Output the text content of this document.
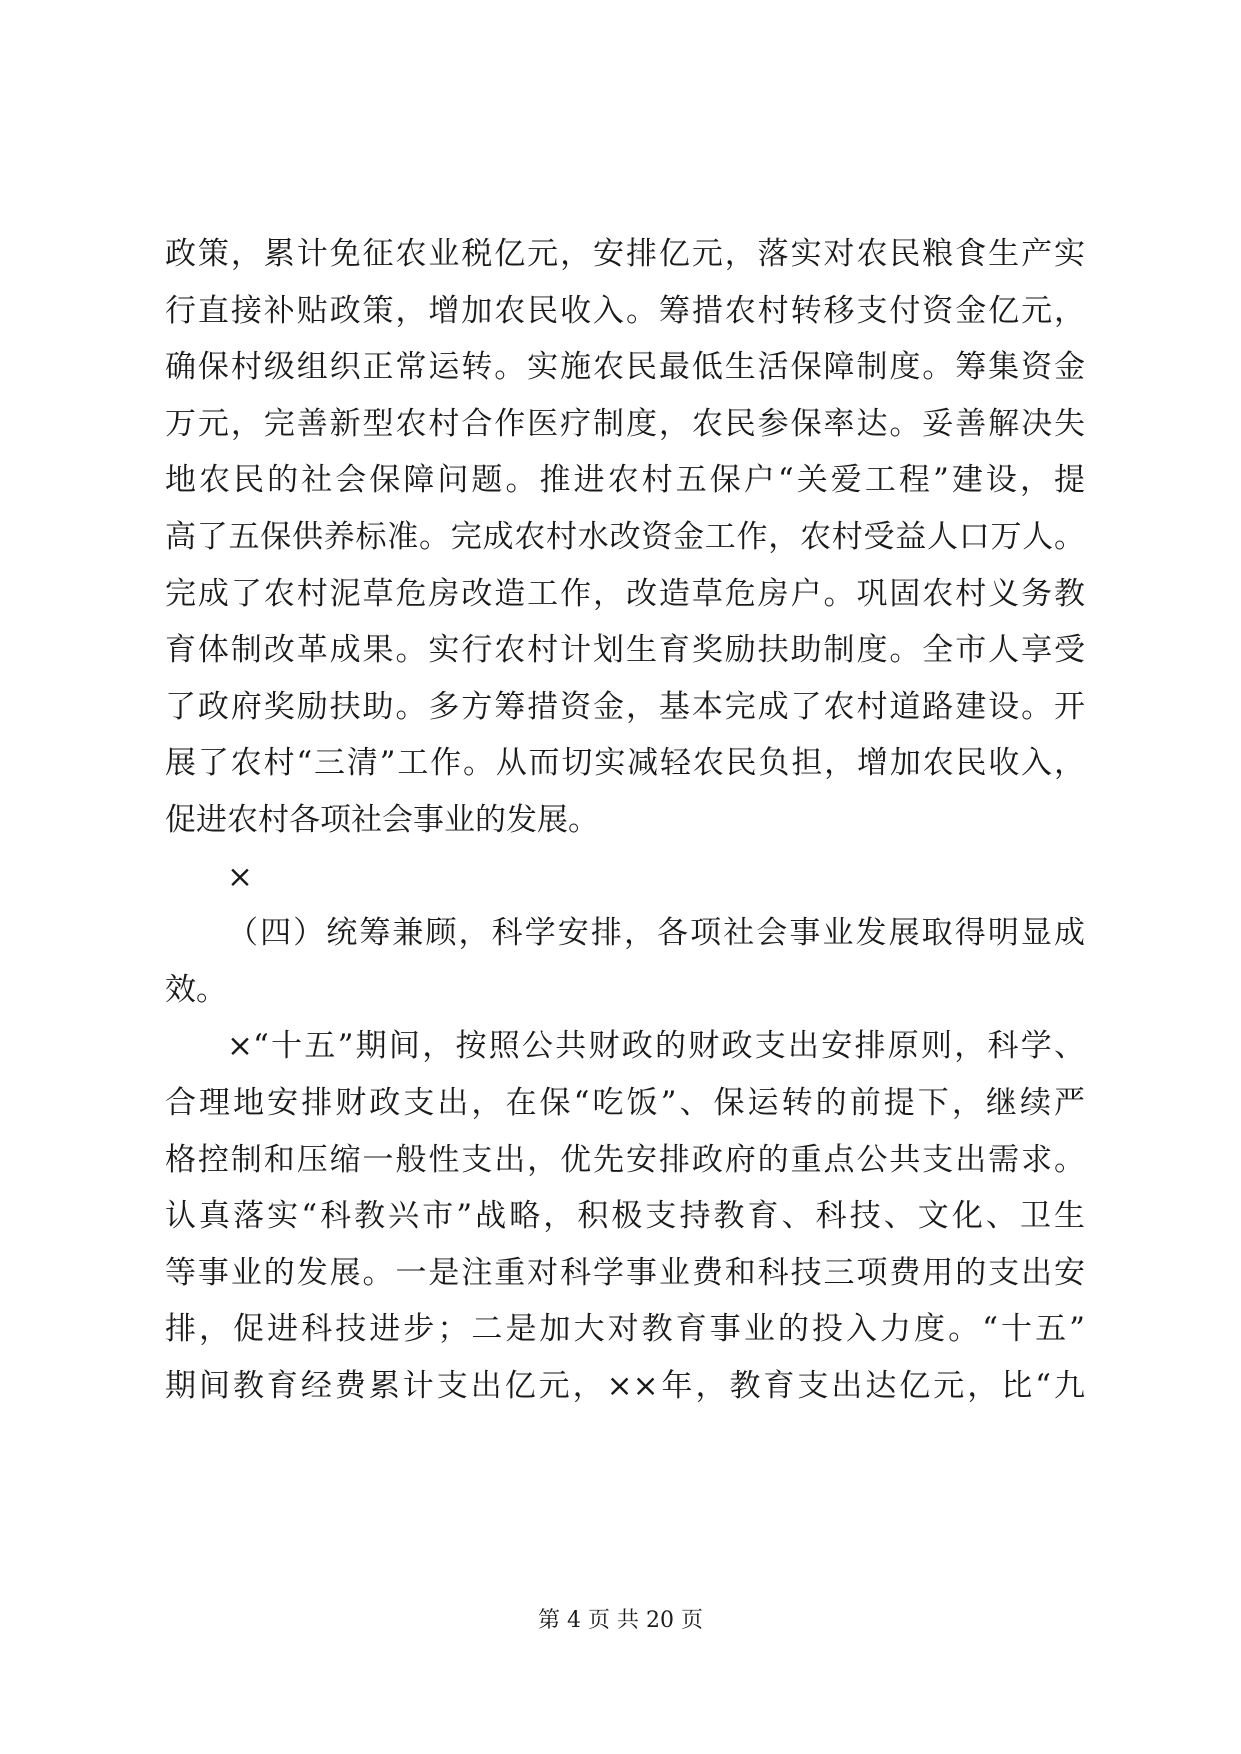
政策，累计免征农业税亿元，安排亿元，落实对农民粮食生产实
行直接补贴政策，增加农民收入。筹措农村转移支付资金亿元，
确保村级组织正常运转。实施农民最低生活保障制度。筹集资金
万元，完善新型农村合作医疗制度，农民参保率达。妥善解决失
地农民的社会保障问题。推进农村五保户“关爱工程”建设，提
高了五保供养标准。完成农村水改资金工作，农村受益人口万人。
完成了农村泥草危房改造工作，改造草危房户。巩固农村义务教
育体制改革成果。实行农村计划生育奖励扶助制度。全市人享受
了政府奖励扶助。多方筹措资金，基本完成了农村道路建设。开
展了农村“三清”工作。从而切实减轻农民负担，增加农民收入，
促进农村各项社会事业的发展。
×
（四）统筹兼顾，科学安排，各项社会事业发展取得明显成
效。
×“十五”期间，按照公共财政的财政支出安排原则，科学、
合理地安排财政支出，在保“吃饭”、保运转的前提下，继续严
格控制和压缩一般性支出，优先安排政府的重点公共支出需求。
认真落实“科教兴市”战略，积极支持教育、科技、文化、卫生
等事业的发展。一是注重对科学事业费和科技三项费用的支出安
排，促进科技进步；二是加大对教育事业的投入力度。“十五”
期间教育经费累计支出亿元，××年，教育支出达亿元，比“九
第 4 页 共 20 页
